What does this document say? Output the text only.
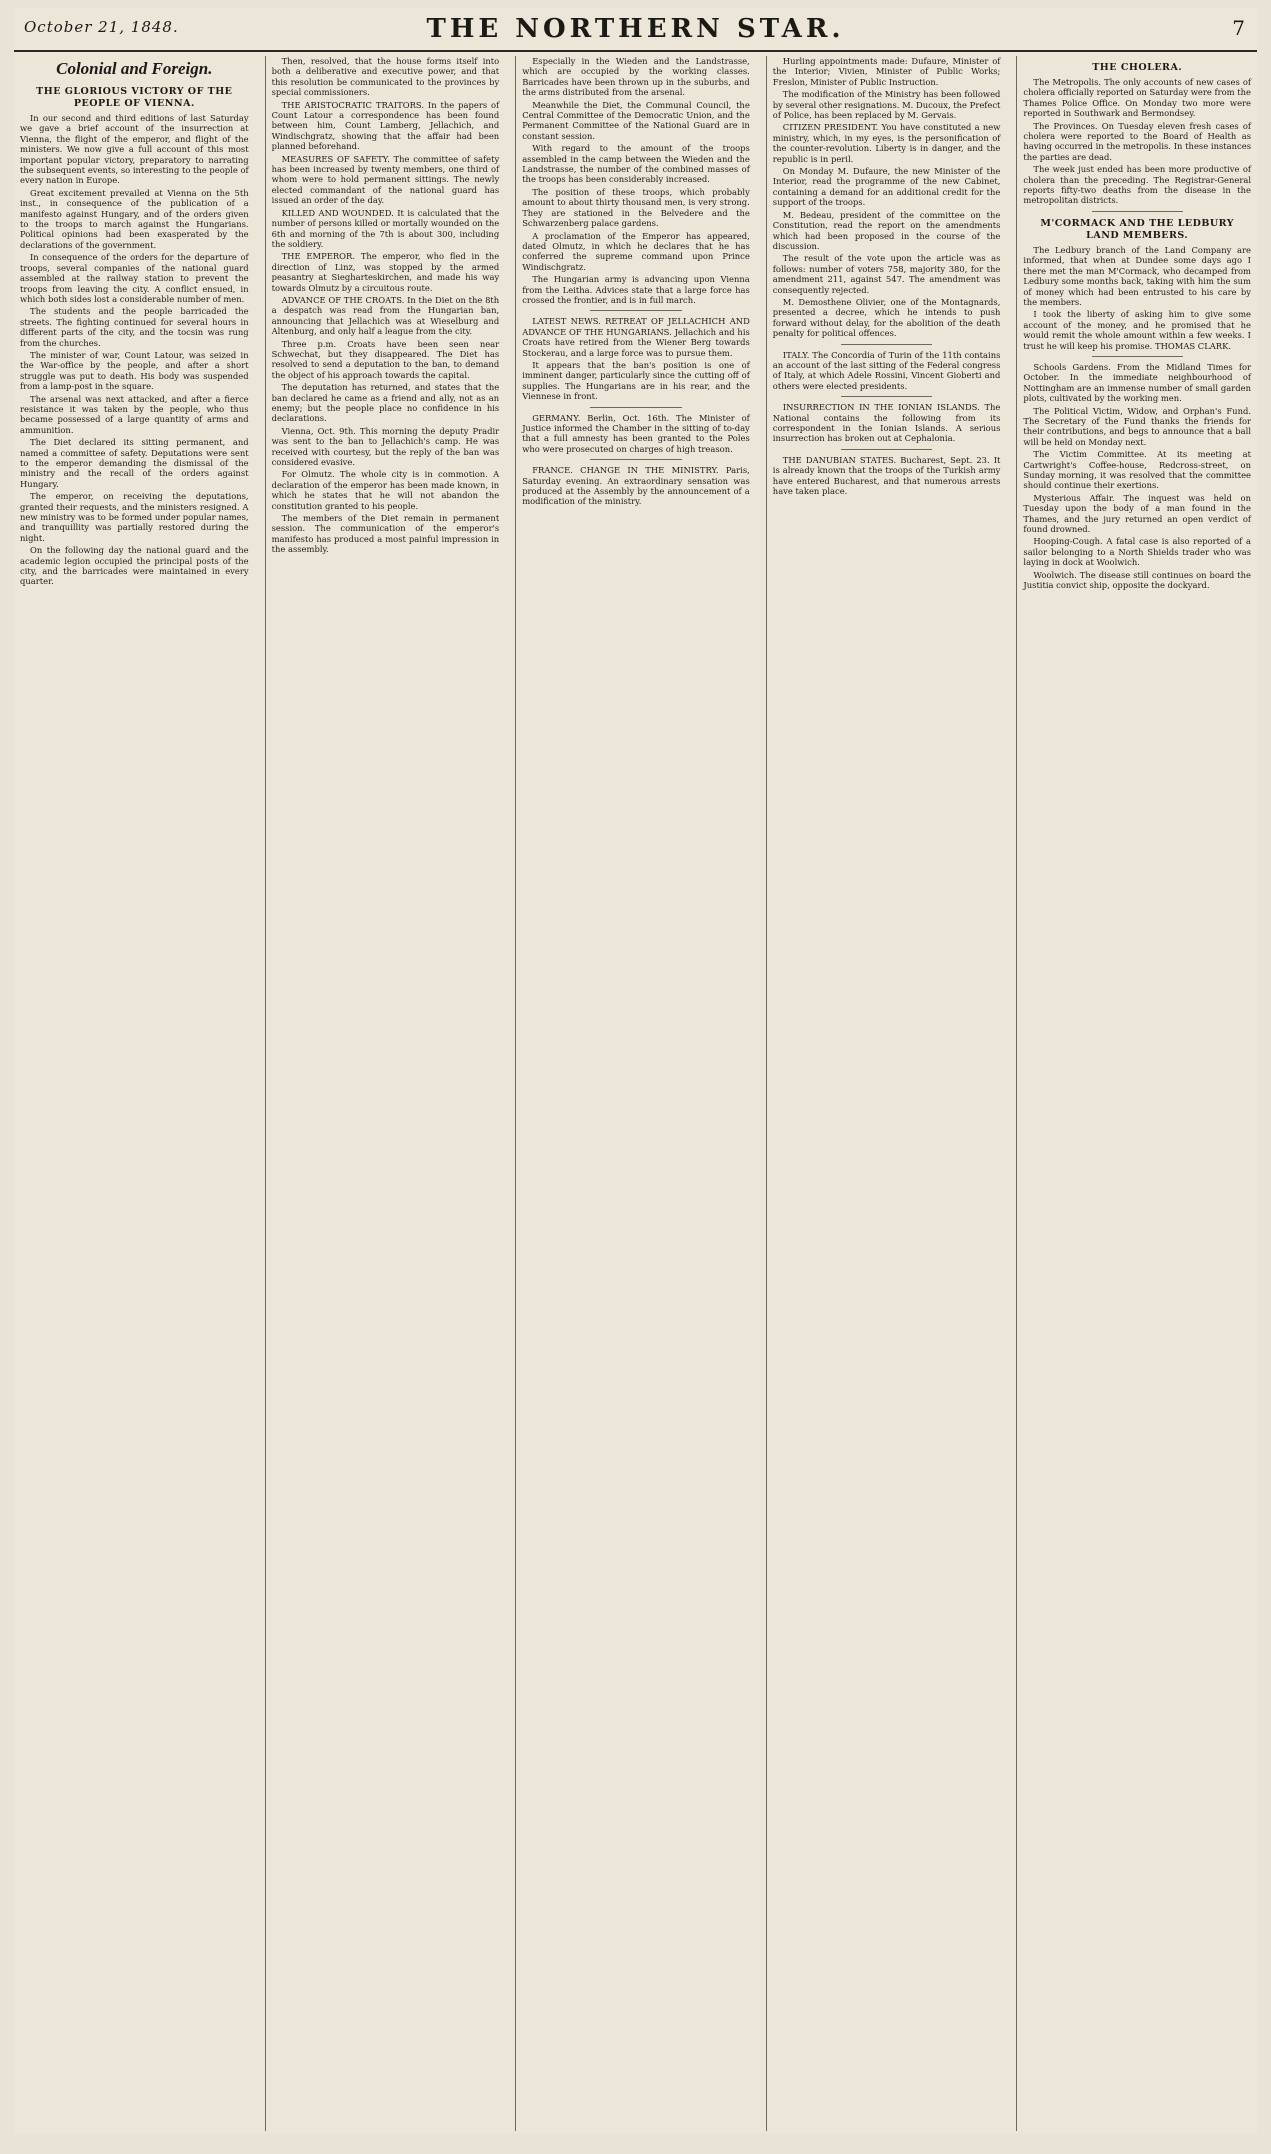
October 21, 1848.	THE NORTHERN STAR.	7
Colonial and Foreign.
THE GLORIOUS VICTORY OF THE PEOPLE OF VIENNA.

In our second and third editions of last Saturday we gave a brief account of the insurrection at Vienna, the flight of the emperor, and flight of the ministers. We now give a full account of this most important popular victory, preparatory to narrating the subsequent events, so interesting to the people of every nation in Europe.

Great excitement prevailed at Vienna on the 5th inst., in consequence of the publication of a manifesto against Hungary, and of the orders given to the troops to march against the Hungarians. Political opinions had been exasperated by the declarations of the government.

In consequence of the orders for the departure of troops, several companies of the national guard assembled at the railway station to prevent the troops from leaving the city. A conflict ensued, in which both sides lost a considerable number of men.

The students and the people barricaded the streets. The fighting continued for several hours in different parts of the city, and the tocsin was rung from the churches.

The minister of war, Count Latour, was seized in the War-office by the people, and after a short struggle was put to death. His body was suspended from a lamp-post in the square.

The arsenal was next attacked, and after a fierce resistance it was taken by the people, who thus became possessed of a large quantity of arms and ammunition.

The Diet declared its sitting permanent, and named a committee of safety. Deputations were sent to the emperor demanding the dismissal of the ministry and the recall of the orders against Hungary.

The emperor, on receiving the deputations, granted their requests, and the ministers resigned. A new ministry was to be formed under popular names, and tranquillity was partially restored during the night.

On the following day the national guard and the academic legion occupied the principal posts of the city, and the barricades were maintained in every quarter.

Then, resolved, that the house forms itself into both a deliberative and executive power, and that this resolution be communicated to the provinces by special commissioners.

THE ARISTOCRATIC TRAITORS. In the papers of Count Latour a correspondence has been found between him, Count Lamberg, Jellachich, and Windischgratz, showing that the affair had been planned beforehand.

MEASURES OF SAFETY. The committee of safety has been increased by twenty members, one third of whom were to hold permanent sittings. The newly elected commandant of the national guard has issued an order of the day.

KILLED AND WOUNDED. It is calculated that the number of persons killed or mortally wounded on the 6th and morning of the 7th is about 300, including the soldiery.

THE EMPEROR. The emperor, who fled in the direction of Linz, was stopped by the armed peasantry at Siegharteskirchen, and made his way towards Olmutz by a circuitous route.

ADVANCE OF THE CROATS. In the Diet on the 8th a despatch was read from the Hungarian ban, announcing that Jellachich was at Wieselburg and Altenburg, and only half a league from the city.

Three p.m. Croats have been seen near Schwechat, but they disappeared. The Diet has resolved to send a deputation to the ban, to demand the object of his approach towards the capital.

The deputation has returned, and states that the ban declared he came as a friend and ally, not as an enemy; but the people place no confidence in his declarations.

Vienna, Oct. 9th. This morning the deputy Pradir was sent to the ban to Jellachich's camp. He was received with courtesy, but the reply of the ban was considered evasive.

For Olmutz. The whole city is in commotion. A declaration of the emperor has been made known, in which he states that he will not abandon the constitution granted to his people.

The members of the Diet remain in permanent session. The communication of the emperor's manifesto has produced a most painful impression in the assembly.

Especially in the Wieden and the Landstrasse, which are occupied by the working classes. Barricades have been thrown up in the suburbs, and the arms distributed from the arsenal.

Meanwhile the Diet, the Communal Council, the Central Committee of the Democratic Union, and the Permanent Committee of the National Guard are in constant session.

With regard to the amount of the troops assembled in the camp between the Wieden and the Landstrasse, the number of the combined masses of the troops has been considerably increased.

The position of these troops, which probably amount to about thirty thousand men, is very strong. They are stationed in the Belvedere and the Schwarzenberg palace gardens.

A proclamation of the Emperor has appeared, dated Olmutz, in which he declares that he has conferred the supreme command upon Prince Windischgratz.

The Hungarian army is advancing upon Vienna from the Leitha. Advices state that a large force has crossed the frontier, and is in full march.

LATEST NEWS. RETREAT OF JELLACHICH AND ADVANCE OF THE HUNGARIANS. Jellachich and his Croats have retired from the Wiener Berg towards Stockerau, and a large force was to pursue them.

It appears that the ban's position is one of imminent danger, particularly since the cutting off of supplies. The Hungarians are in his rear, and the Viennese in front.

GERMANY. Berlin, Oct. 16th. The Minister of Justice informed the Chamber in the sitting of to-day that a full amnesty has been granted to the Poles who were prosecuted on charges of high treason.

FRANCE. CHANGE IN THE MINISTRY. Paris, Saturday evening. An extraordinary sensation was produced at the Assembly by the announcement of a modification of the ministry.

Hurling appointments made: Dufaure, Minister of the Interior; Vivien, Minister of Public Works; Freslon, Minister of Public Instruction.

The modification of the Ministry has been followed by several other resignations. M. Ducoux, the Prefect of Police, has been replaced by M. Gervais.

CITIZEN PRESIDENT. You have constituted a new ministry, which, in my eyes, is the personification of the counter-revolution. Liberty is in danger, and the republic is in peril.

On Monday M. Dufaure, the new Minister of the Interior, read the programme of the new Cabinet, containing a demand for an additional credit for the support of the troops.

M. Bedeau, president of the committee on the Constitution, read the report on the amendments which had been proposed in the course of the discussion.

The result of the vote upon the article was as follows: number of voters 758, majority 380, for the amendment 211, against 547. The amendment was consequently rejected.

M. Demosthene Olivier, one of the Montagnards, presented a decree, which he intends to push forward without delay, for the abolition of the death penalty for political offences.

ITALY. The Concordia of Turin of the 11th contains an account of the last sitting of the Federal congress of Italy, at which Adele Rossini, Vincent Gioberti and others were elected presidents.

INSURRECTION IN THE IONIAN ISLANDS. The National contains the following from its correspondent in the Ionian Islands. A serious insurrection has broken out at Cephalonia.

THE DANUBIAN STATES. Bucharest, Sept. 23. It is already known that the troops of the Turkish army have entered Bucharest, and that numerous arrests have taken place.

THE CHOLERA.

The Metropolis. The only accounts of new cases of cholera officially reported on Saturday were from the Thames Police Office. On Monday two more were reported in Southwark and Bermondsey.

The Provinces. On Tuesday eleven fresh cases of cholera were reported to the Board of Health as having occurred in the metropolis. In these instances the parties are dead.

The week just ended has been more productive of cholera than the preceding. The Registrar-General reports fifty-two deaths from the disease in the metropolitan districts.

M'CORMACK AND THE LEDBURY LAND MEMBERS.

The Ledbury branch of the Land Company are informed, that when at Dundee some days ago I there met the man M'Cormack, who decamped from Ledbury some months back, taking with him the sum of money which had been entrusted to his care by the members.

I took the liberty of asking him to give some account of the money, and he promised that he would remit the whole amount within a few weeks. I trust he will keep his promise. THOMAS CLARK.

Schools Gardens. From the Midland Times for October. In the immediate neighbourhood of Nottingham are an immense number of small garden plots, cultivated by the working men.

The Political Victim, Widow, and Orphan's Fund. The Secretary of the Fund thanks the friends for their contributions, and begs to announce that a ball will be held on Monday next.

The Victim Committee. At its meeting at Cartwright's Coffee-house, Redcross-street, on Sunday morning, it was resolved that the committee should continue their exertions.

Mysterious Affair. The inquest was held on Tuesday upon the body of a man found in the Thames, and the jury returned an open verdict of found drowned.

Hooping-Cough. A fatal case is also reported of a sailor belonging to a North Shields trader who was laying in dock at Woolwich.

Woolwich. The disease still continues on board the Justitia convict ship, opposite the dockyard.
